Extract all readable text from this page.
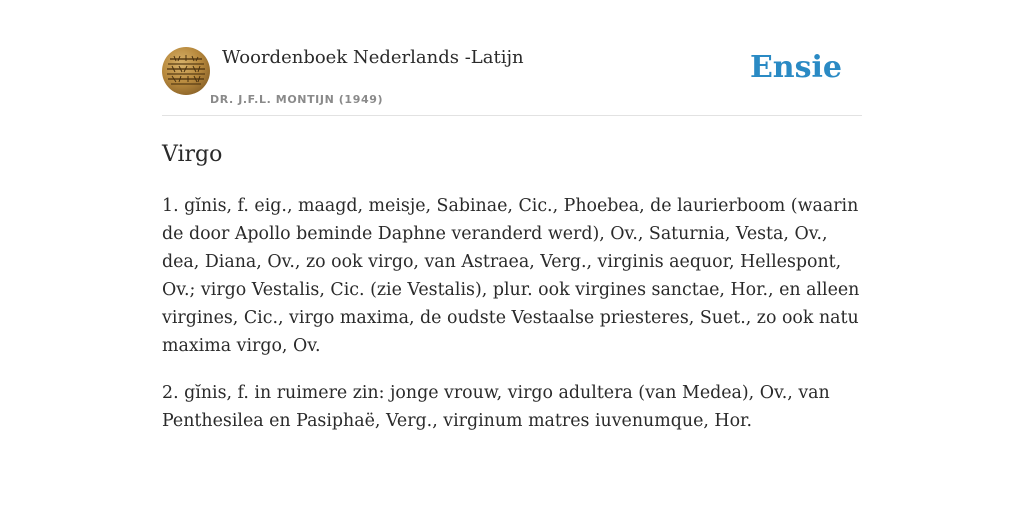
Woordenboek Nederlands -Latijn
DR. J.F.L. MONTIJN (1949)
Ensie
Virgo

1. gĭnis, f. eig., maagd, meisje, Sabinae, Cic., Phoebea, de laurierboom (waarin de door Apollo beminde Daphne veranderd werd), Ov., Saturnia, Vesta, Ov., dea, Diana, Ov., zo ook virgo, van Astraea, Verg., virginis aequor, Hellespont, Ov.; virgo Vestalis, Cic. (zie Vestalis), plur. ook virgines sanctae, Hor., en alleen virgines, Cic., virgo maxima, de oudste Vestaalse priesteres, Suet., zo ook natu maxima virgo, Ov.

2. gĭnis, f. in ruimere zin: jonge vrouw, virgo adultera (van Medea), Ov., van Penthesilea en Pasiphaë, Verg., virginum matres iuvenumque, Hor.
